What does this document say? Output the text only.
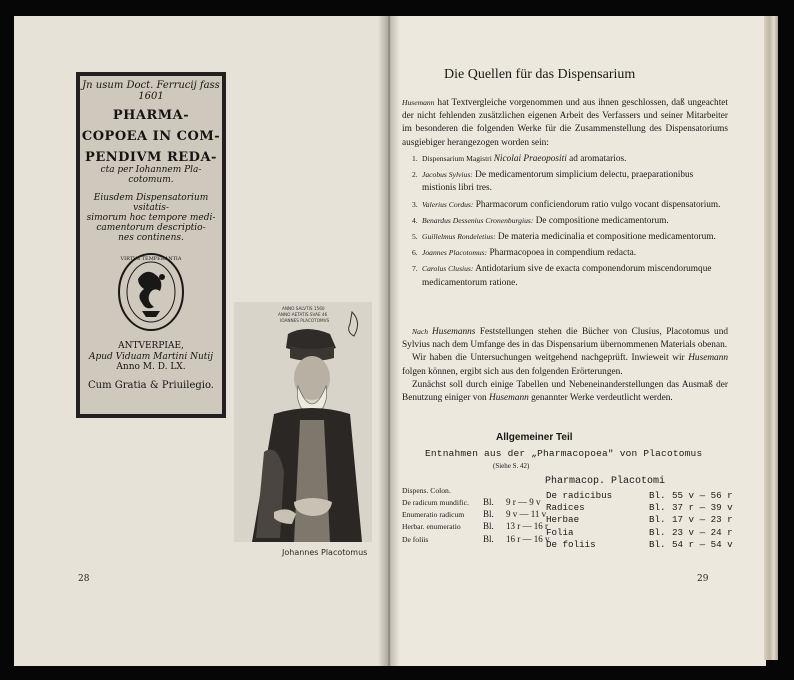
Jn usum Doct. Ferrucij fass 1601
PHARMA-
COPOEA IN COM-
PENDIVM REDA-
cta per Iohannem Pla-
cotomum.
Eiusdem Dispensatorium vsitatis-
simorum hoc tempore medi-
camentorum descriptio-
nes continens.
VIRTVS TEMPERANTIA
ANTVERPIAE,
Apud Viduam Martini Nutij
Anno M. D. LX.
Cum Gratia & Priuilegio.
ANNO SALVTIS 1560
ANNO AETATIS SVAE 46
IOANNES PLACOTOMVS
Johannes Placotomus
28
Die Quellen für das Dispensarium
Husemann hat Textvergleiche vorgenommen und aus ihnen geschlossen, daß ungeachtet der nicht fehlenden zusätzlichen eigenen Arbeit des Verfassers und seiner Mitarbeiter im besonderen die folgenden Werke für die Zusammenstellung des Dispensatoriums ausgiebiger herangezogen worden sein:
1. Dispensarium Magistri Nicolai Praeopositi ad aromatarios.
2. Jacobus Sylvius: De medicamentorum simplicium delectu, praeparationibus mistionis libri tres.
3. Valerius Cordus: Pharmacorum conficiendorum ratio vulgo vocant dispensatorium.
4. Benardus Dessenius Cronenburgius: De compositione medicamentorum.
5. Guillelmus Rondeletius: De materia medicinalia et compositione medicamentorum.
6. Joannes Placotomus: Pharmacopoea in compendium redacta.
7. Carolus Clusius: Antidotarium sive de exacta componendorum miscendorumque medicamentorum ratione.

Nach Husemanns Feststellungen stehen die Bücher von Clusius, Placotomus und Sylvius nach dem Umfange des in das Dispensarium übernommenen Materials obenan.

Wir haben die Untersuchungen weitgehend nachgeprüft. Inwieweit wir Husemann folgen können, ergibt sich aus den folgenden Erörterungen.

Zunächst soll durch einige Tabellen und Nebeneinanderstellungen das Ausmaß der Benutzung einiger von Husemann genannter Werke verdeutlicht werden.

Allgemeiner Teil
Entnahmen aus der „Pharmacopoea" von Placotomus
(Siehe S. 42)
Pharmacop. Placotomi
Dispens. Colon.
De radicum mundific. Bl. 9 r — 9 v
Enumeratio radicum Bl. 9 v — 11 v
Herbar. enumeratio Bl. 13 r — 16 r
De foliis	Bl. 16 r — 16 v
De radicibus	Bl. 55 v — 56 r
Radices	Bl. 37 r — 39 v
Herbae	Bl. 17 v — 23 r
Folia	Bl. 23 v — 24 r
De foliis	Bl. 54 r — 54 v
29
